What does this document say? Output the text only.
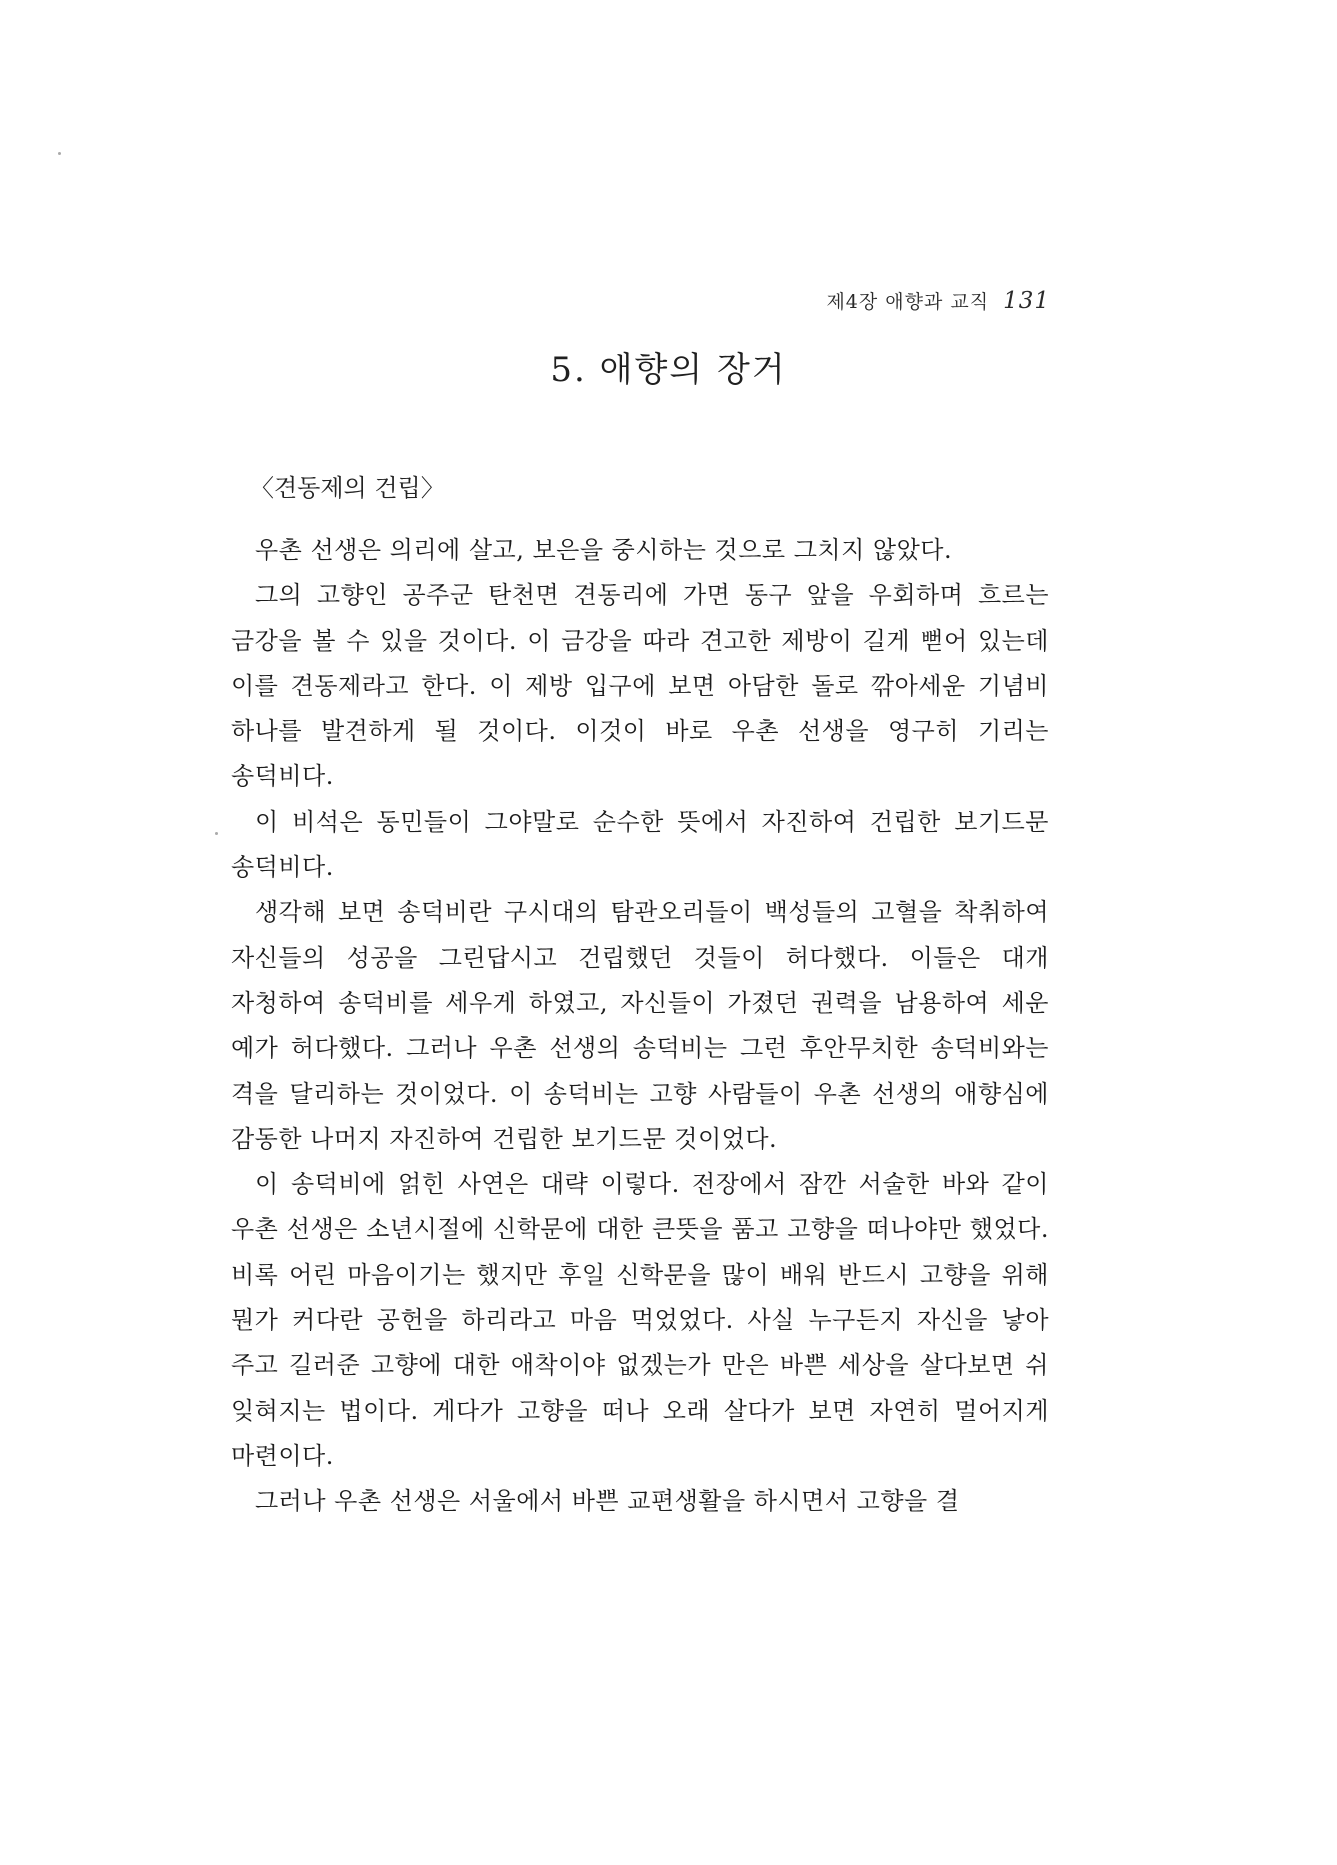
제4장 애향과 교직 131
5. 애향의 장거
〈견동제의 건립〉

우촌 선생은 의리에 살고, 보은을 중시하는 것으로 그치지 않았다.

그의 고향인 공주군 탄천면 견동리에 가면 동구 앞을 우회하며 흐르는 금강을 볼 수 있을 것이다. 이 금강을 따라 견고한 제방이 길게 뻗어 있는데 이를 견동제라고 한다. 이 제방 입구에 보면 아담한 돌로 깎아세운 기념비 하나를 발견하게 될 것이다. 이것이 바로 우촌 선생을 영구히 기리는 송덕비다.

이 비석은 동민들이 그야말로 순수한 뜻에서 자진하여 건립한 보기드문 송덕비다.

생각해 보면 송덕비란 구시대의 탐관오리들이 백성들의 고혈을 착취하여 자신들의 성공을 그린답시고 건립했던 것들이 허다했다. 이들은 대개 자청하여 송덕비를 세우게 하였고, 자신들이 가졌던 권력을 남용하여 세운 예가 허다했다. 그러나 우촌 선생의 송덕비는 그런 후안무치한 송덕비와는 격을 달리하는 것이었다. 이 송덕비는 고향 사람들이 우촌 선생의 애향심에 감동한 나머지 자진하여 건립한 보기드문 것이었다.

이 송덕비에 얽힌 사연은 대략 이렇다. 전장에서 잠깐 서술한 바와 같이 우촌 선생은 소년시절에 신학문에 대한 큰뜻을 품고 고향을 떠나야만 했었다. 비록 어린 마음이기는 했지만 후일 신학문을 많이 배워 반드시 고향을 위해 뭔가 커다란 공헌을 하리라고 마음 먹었었다. 사실 누구든지 자신을 낳아 주고 길러준 고향에 대한 애착이야 없겠는가 만은 바쁜 세상을 살다보면 쉬 잊혀지는 법이다. 게다가 고향을 떠나 오래 살다가 보면 자연히 멀어지게 마련이다.

그러나 우촌 선생은 서울에서 바쁜 교편생활을 하시면서 고향을 결
